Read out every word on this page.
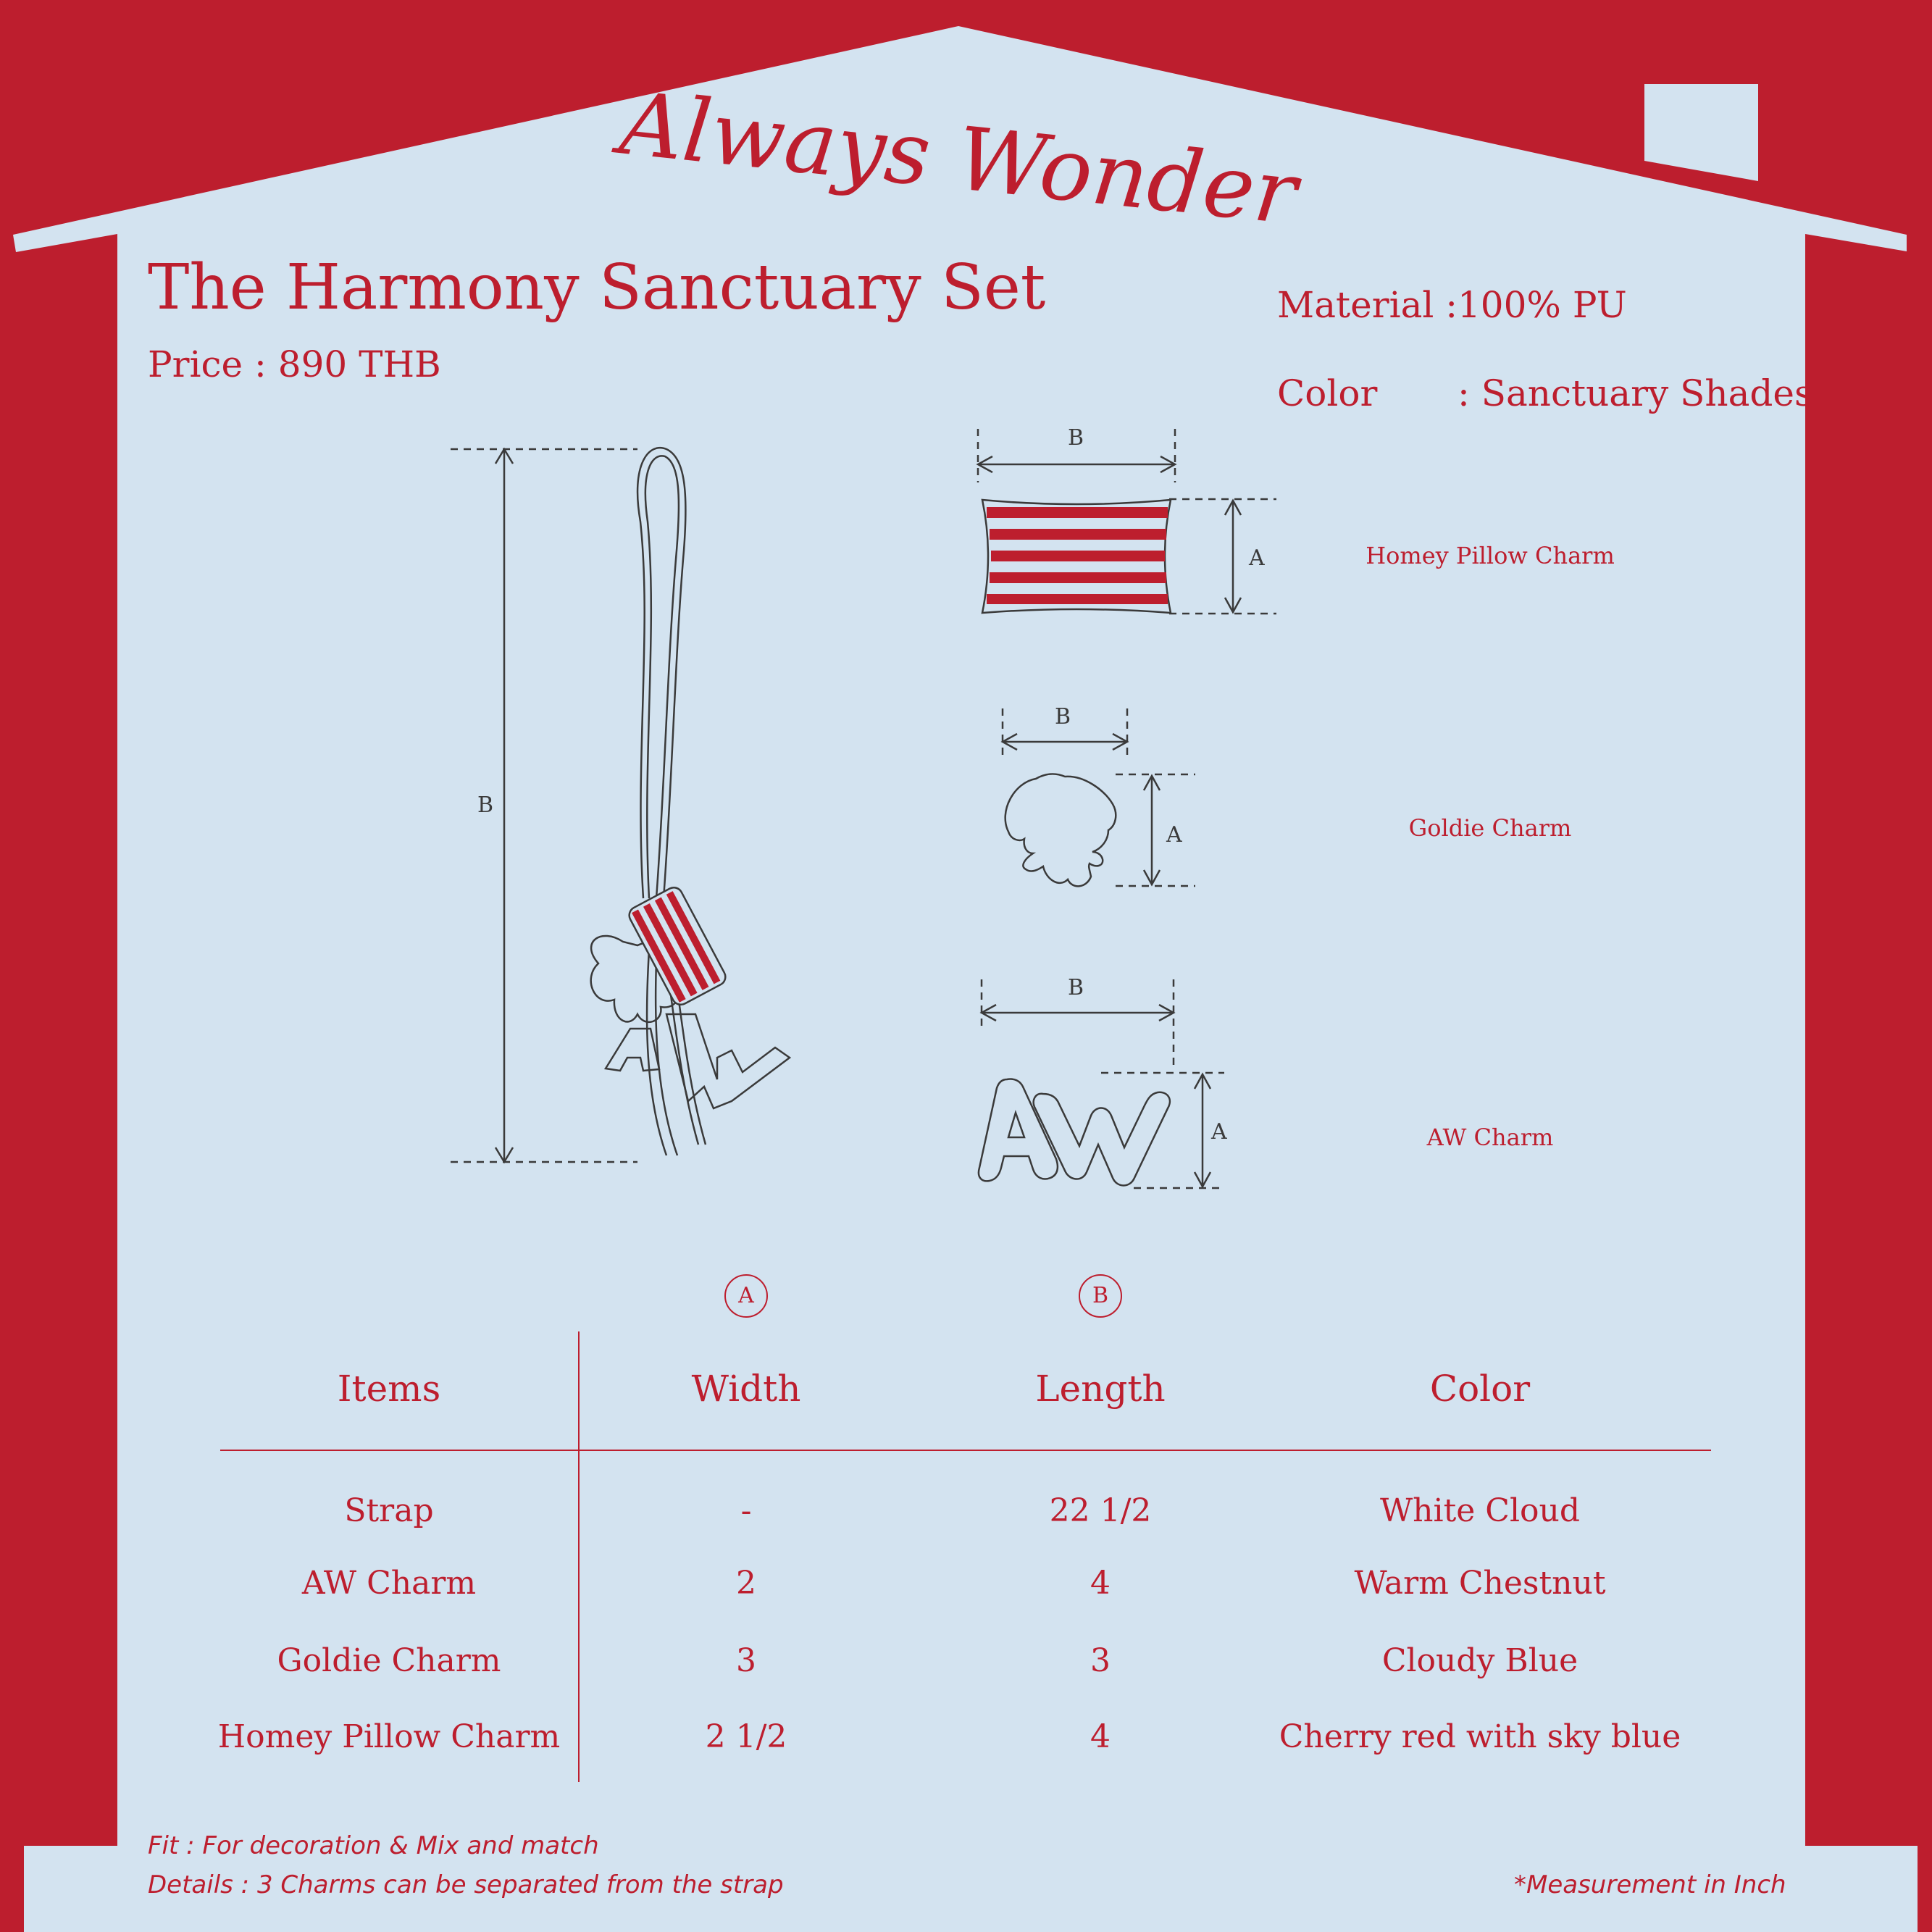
B
B
A
B
A
B
A
Always Wonder
The Harmony Sanctuary Set
Price : 890 THB
Material : 100% PU
Color : Sanctuary Shades
Homey Pillow Charm
Goldie Charm
AW Charm
A	B
Items	Width	Length	Color
Strap	-	22 1/2	White Cloud
AW Charm	2	4	Warm Chestnut
Goldie Charm	3	3	Cloudy Blue
Homey Pillow Charm	2 1/2	4	Cherry red with sky blue
Fit : For decoration & Mix and match
Details : 3 Charms can be separated from the strap	*Measurement in Inch
